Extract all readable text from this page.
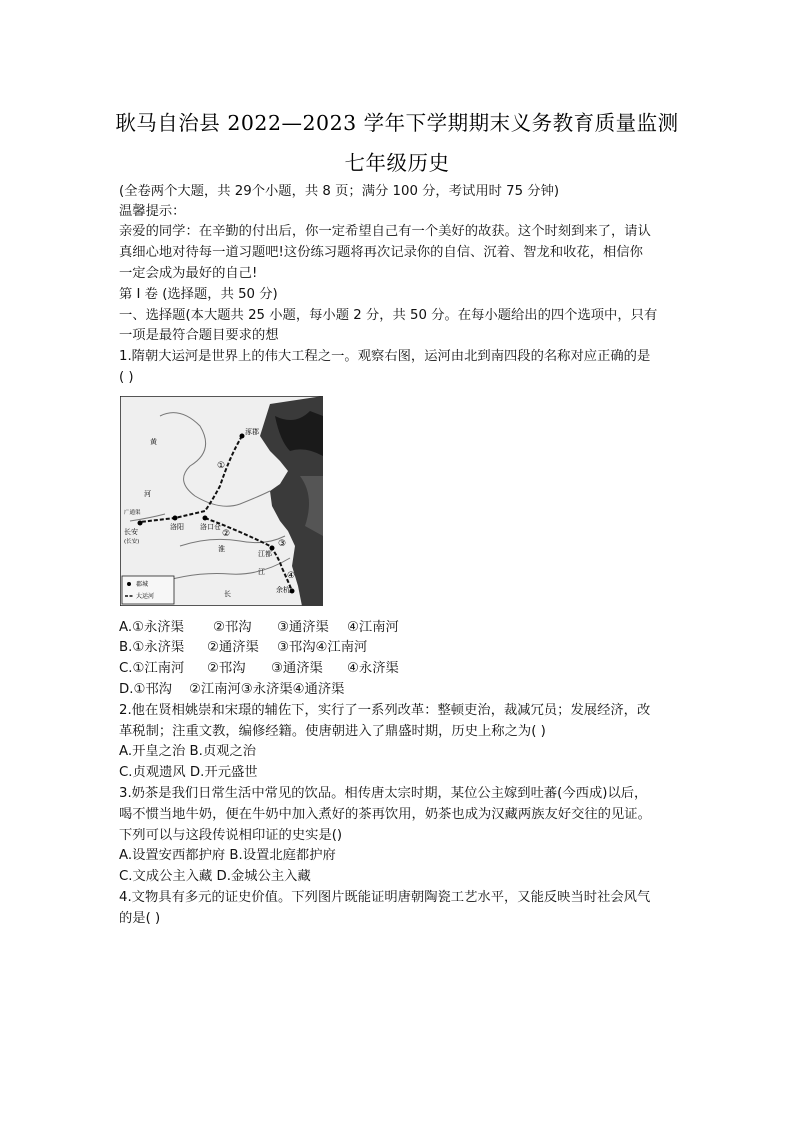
耿马自治县 2022—2023 学年下学期期末义务教育质量监测
七年级历史
(全卷两个大题，共 29个小题，共 8 页；满分 100 分，考试用时 75 分钟)
温馨提示：
亲爱的同学：在辛勤的付出后，你一定希望自己有一个美好的故获。这个时刻到来了，请认
真细心地对待每一道习题吧!这份练习题将再次记录你的自信、沉着、智龙和收花，相信你
一定会成为最好的自己!
第 I 卷 (选择题，共 50 分)
一、选择题(本大题共 25 小题，每小题 2 分，共 50 分。在每小题给出的四个选项中，只有
一项是最符合题目要求的想
1.隋朝大运河是世界上的伟大工程之一。观察右图，运河由北到南四段的名称对应正确的是
( )
涿郡
洛阳 洛口仓
长安
(长安)
广通渠
江都
余杭
黄
河
淮
江
长
①
②
③
④
郡城
大运河
A.①永济渠 ②邗沟 ③通济渠 ④江南河
B.①永济渠 ②通济渠 ③邗沟④江南河
C.①江南河 ②邗沟 ③通济渠 ④永济渠
D.①邗沟 ②江南河③永济渠④通济渠
2.他在贤相姚崇和宋璟的辅佐下，实行了一系列改革：整顿吏治，裁减冗员；发展经济，改
革税制；注重文教，编修经籍。使唐朝进入了鼎盛时期，历史上称之为( )
A.开皇之治 B.贞观之治
C.贞观遗风 D.开元盛世
3.奶茶是我们日常生活中常见的饮品。相传唐太宗时期，某位公主嫁到吐蕃(今西成)以后，
喝不惯当地牛奶，便在牛奶中加入煮好的茶再饮用，奶茶也成为汉藏两族友好交往的见证。
下列可以与这段传说相印证的史实是()
A.设置安西都护府 B.设置北庭都护府
C.文成公主入藏 D.金城公主入藏
4.文物具有多元的证史价值。下列图片既能证明唐朝陶瓷工艺水平，又能反映当时社会风气
的是( )
